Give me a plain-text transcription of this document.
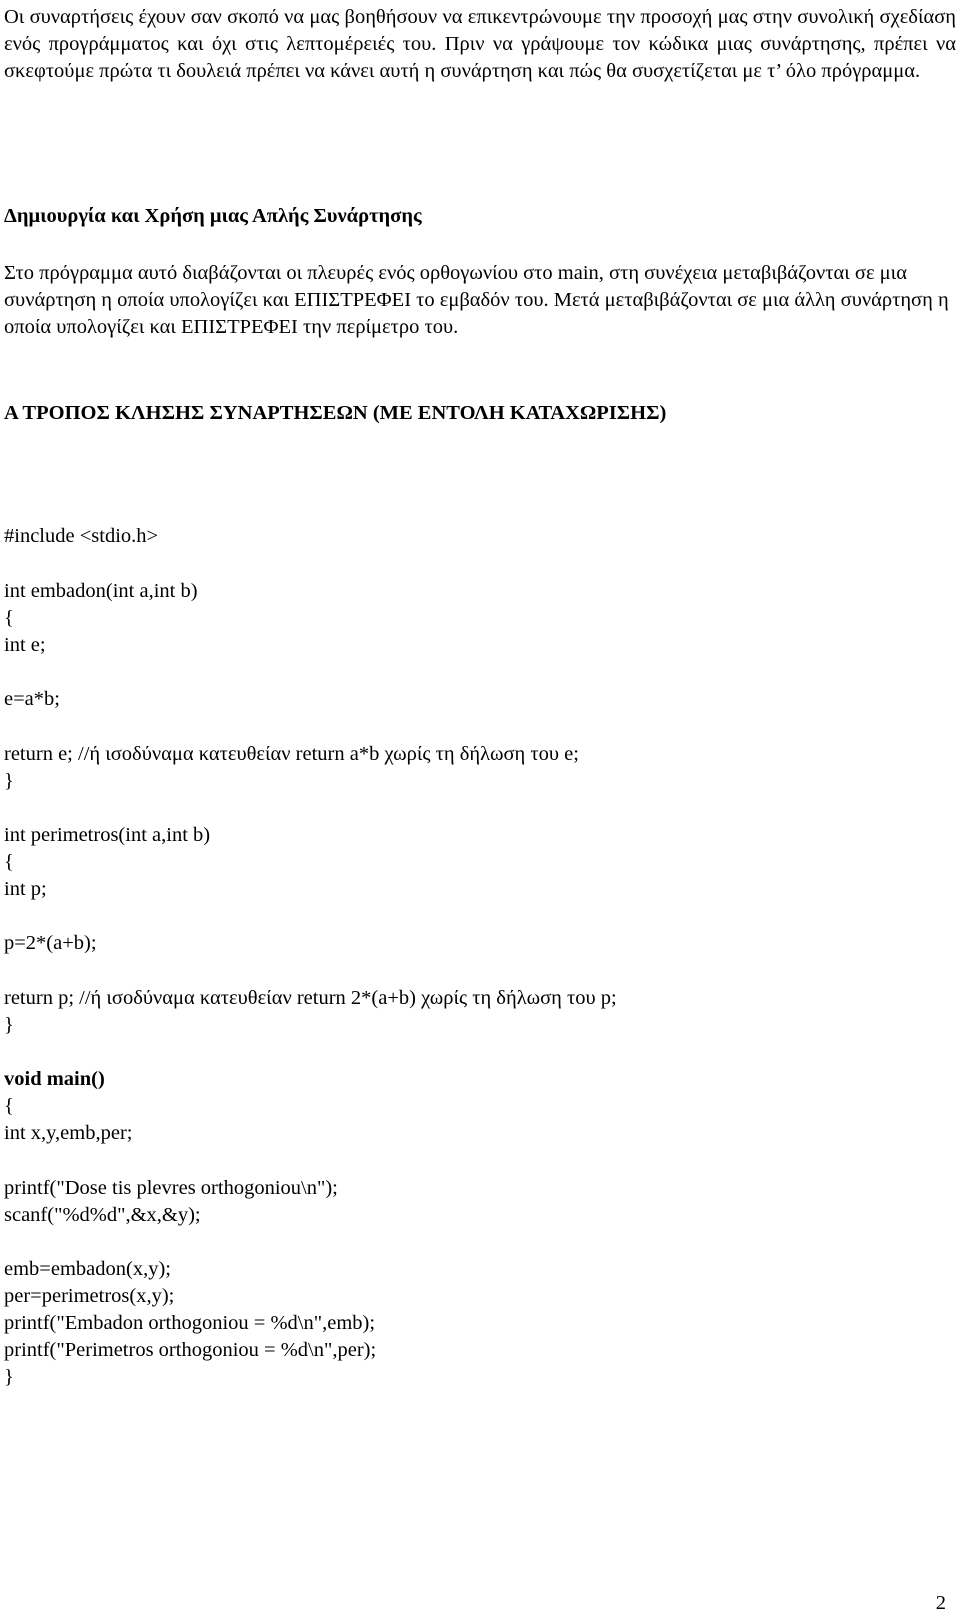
Οι συναρτήσεις έχουν σαν σκοπό να μας βοηθήσουν να επικεντρώνουμε την προσοχή μας στην συνολική σχεδίαση ενός προγράμματος και όχι στις λεπτομέρειές του. Πριν να γράψουμε τον κώδικα μιας συνάρτησης, πρέπει να σκεφτούμε πρώτα τι δουλειά πρέπει να κάνει αυτή η συνάρτηση και πώς θα συσχετίζεται με τ’ όλο πρόγραμμα.

Δημιουργία και Χρήση μιας Απλής Συνάρτησης

Στο πρόγραμμα αυτό διαβάζονται οι πλευρές ενός ορθογωνίου στο main, στη συνέχεια μεταβιβάζονται σε μια συνάρτηση η οποία υπολογίζει και ΕΠΙΣΤΡΕΦΕΙ το εμβαδόν του. Μετά μεταβιβάζονται σε μια άλλη συνάρτηση η οποία υπολογίζει και ΕΠΙΣΤΡΕΦΕΙ την περίμετρο του.

Α ΤΡΟΠΟΣ ΚΛΗΣΗΣ ΣΥΝΑΡΤΗΣΕΩΝ (ΜΕ ΕΝΤΟΛΗ ΚΑΤΑΧΩΡΙΣΗΣ)
#include <stdio.h>
int embadon(int a,int b)
{
int e;
e=a*b;
return e; //ή ισοδύναμα κατευθείαν return a*b χωρίς τη δήλωση του e;
}
int perimetros(int a,int b)
{
int p;
p=2*(a+b);
return p; //ή ισοδύναμα κατευθείαν return 2*(a+b) χωρίς τη δήλωση του p;
}
void main()
{
int x,y,emb,per;
printf("Dose tis plevres orthogoniou\n");
scanf("%d%d",&x,&y);
emb=embadon(x,y);
per=perimetros(x,y);
printf("Embadon orthogoniou = %d\n",emb);
printf("Perimetros orthogoniou = %d\n",per);
}
2
